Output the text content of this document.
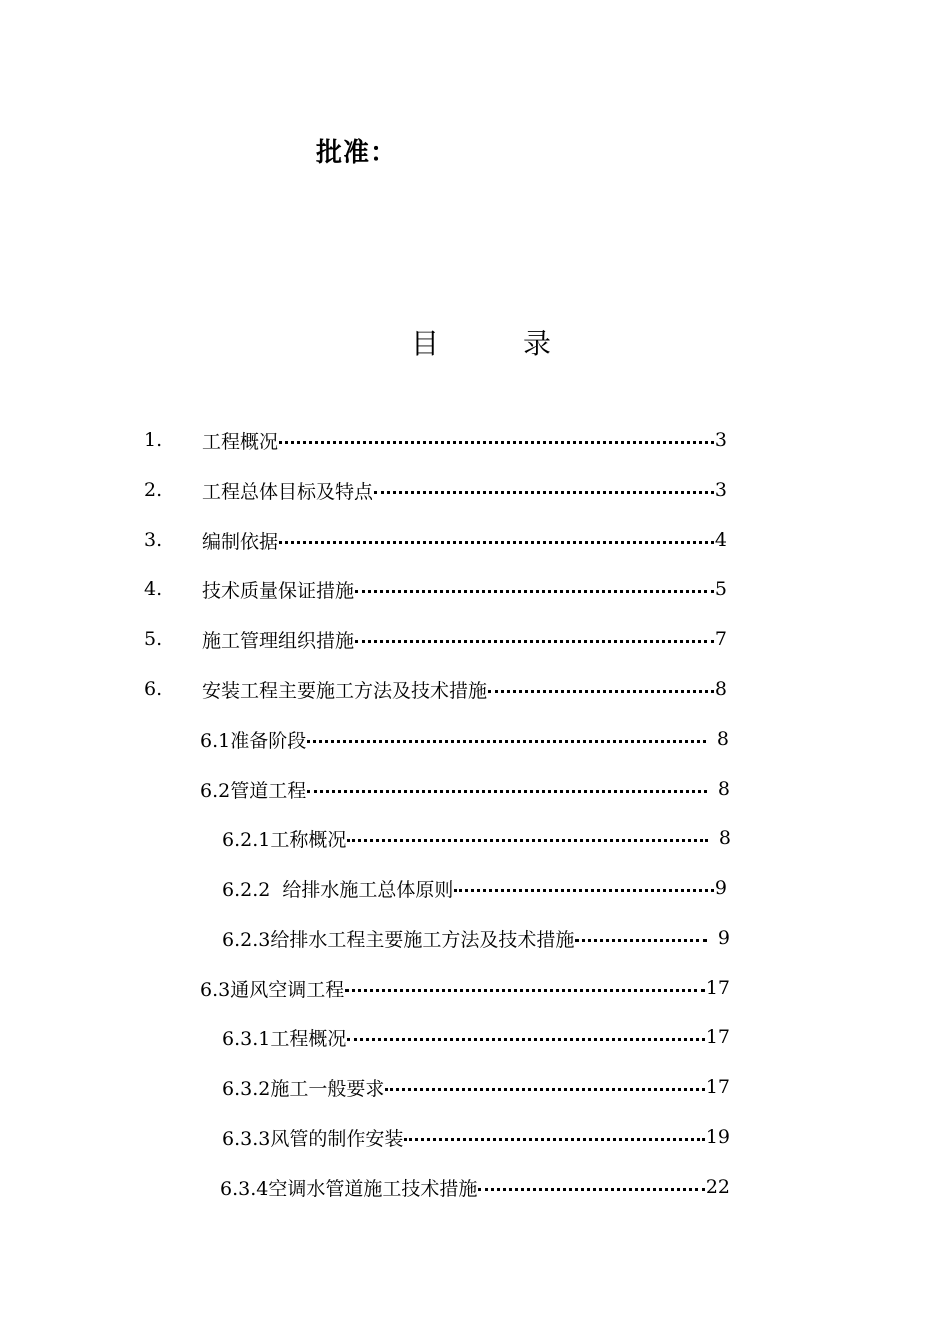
批准：
目	录
1. 工程概况	3
2. 工程总体目标及特点	3
3. 编制依据	4
4. 技术质量保证措施	5
5. 施工管理组织措施	7
6. 安装工程主要施工方法及技术措施	8
6.1准备阶段	8
6.2管道工程	8
6.2.1工称概况	8
6.2.2  给排水施工总体原则	9
6.2.3给排水工程主要施工方法及技术措施	9
6.3通风空调工程	17
6.3.1工程概况	17
6.3.2施工一般要求	17
6.3.3风管的制作安装	19
6.3.4空调水管道施工技术措施	22
